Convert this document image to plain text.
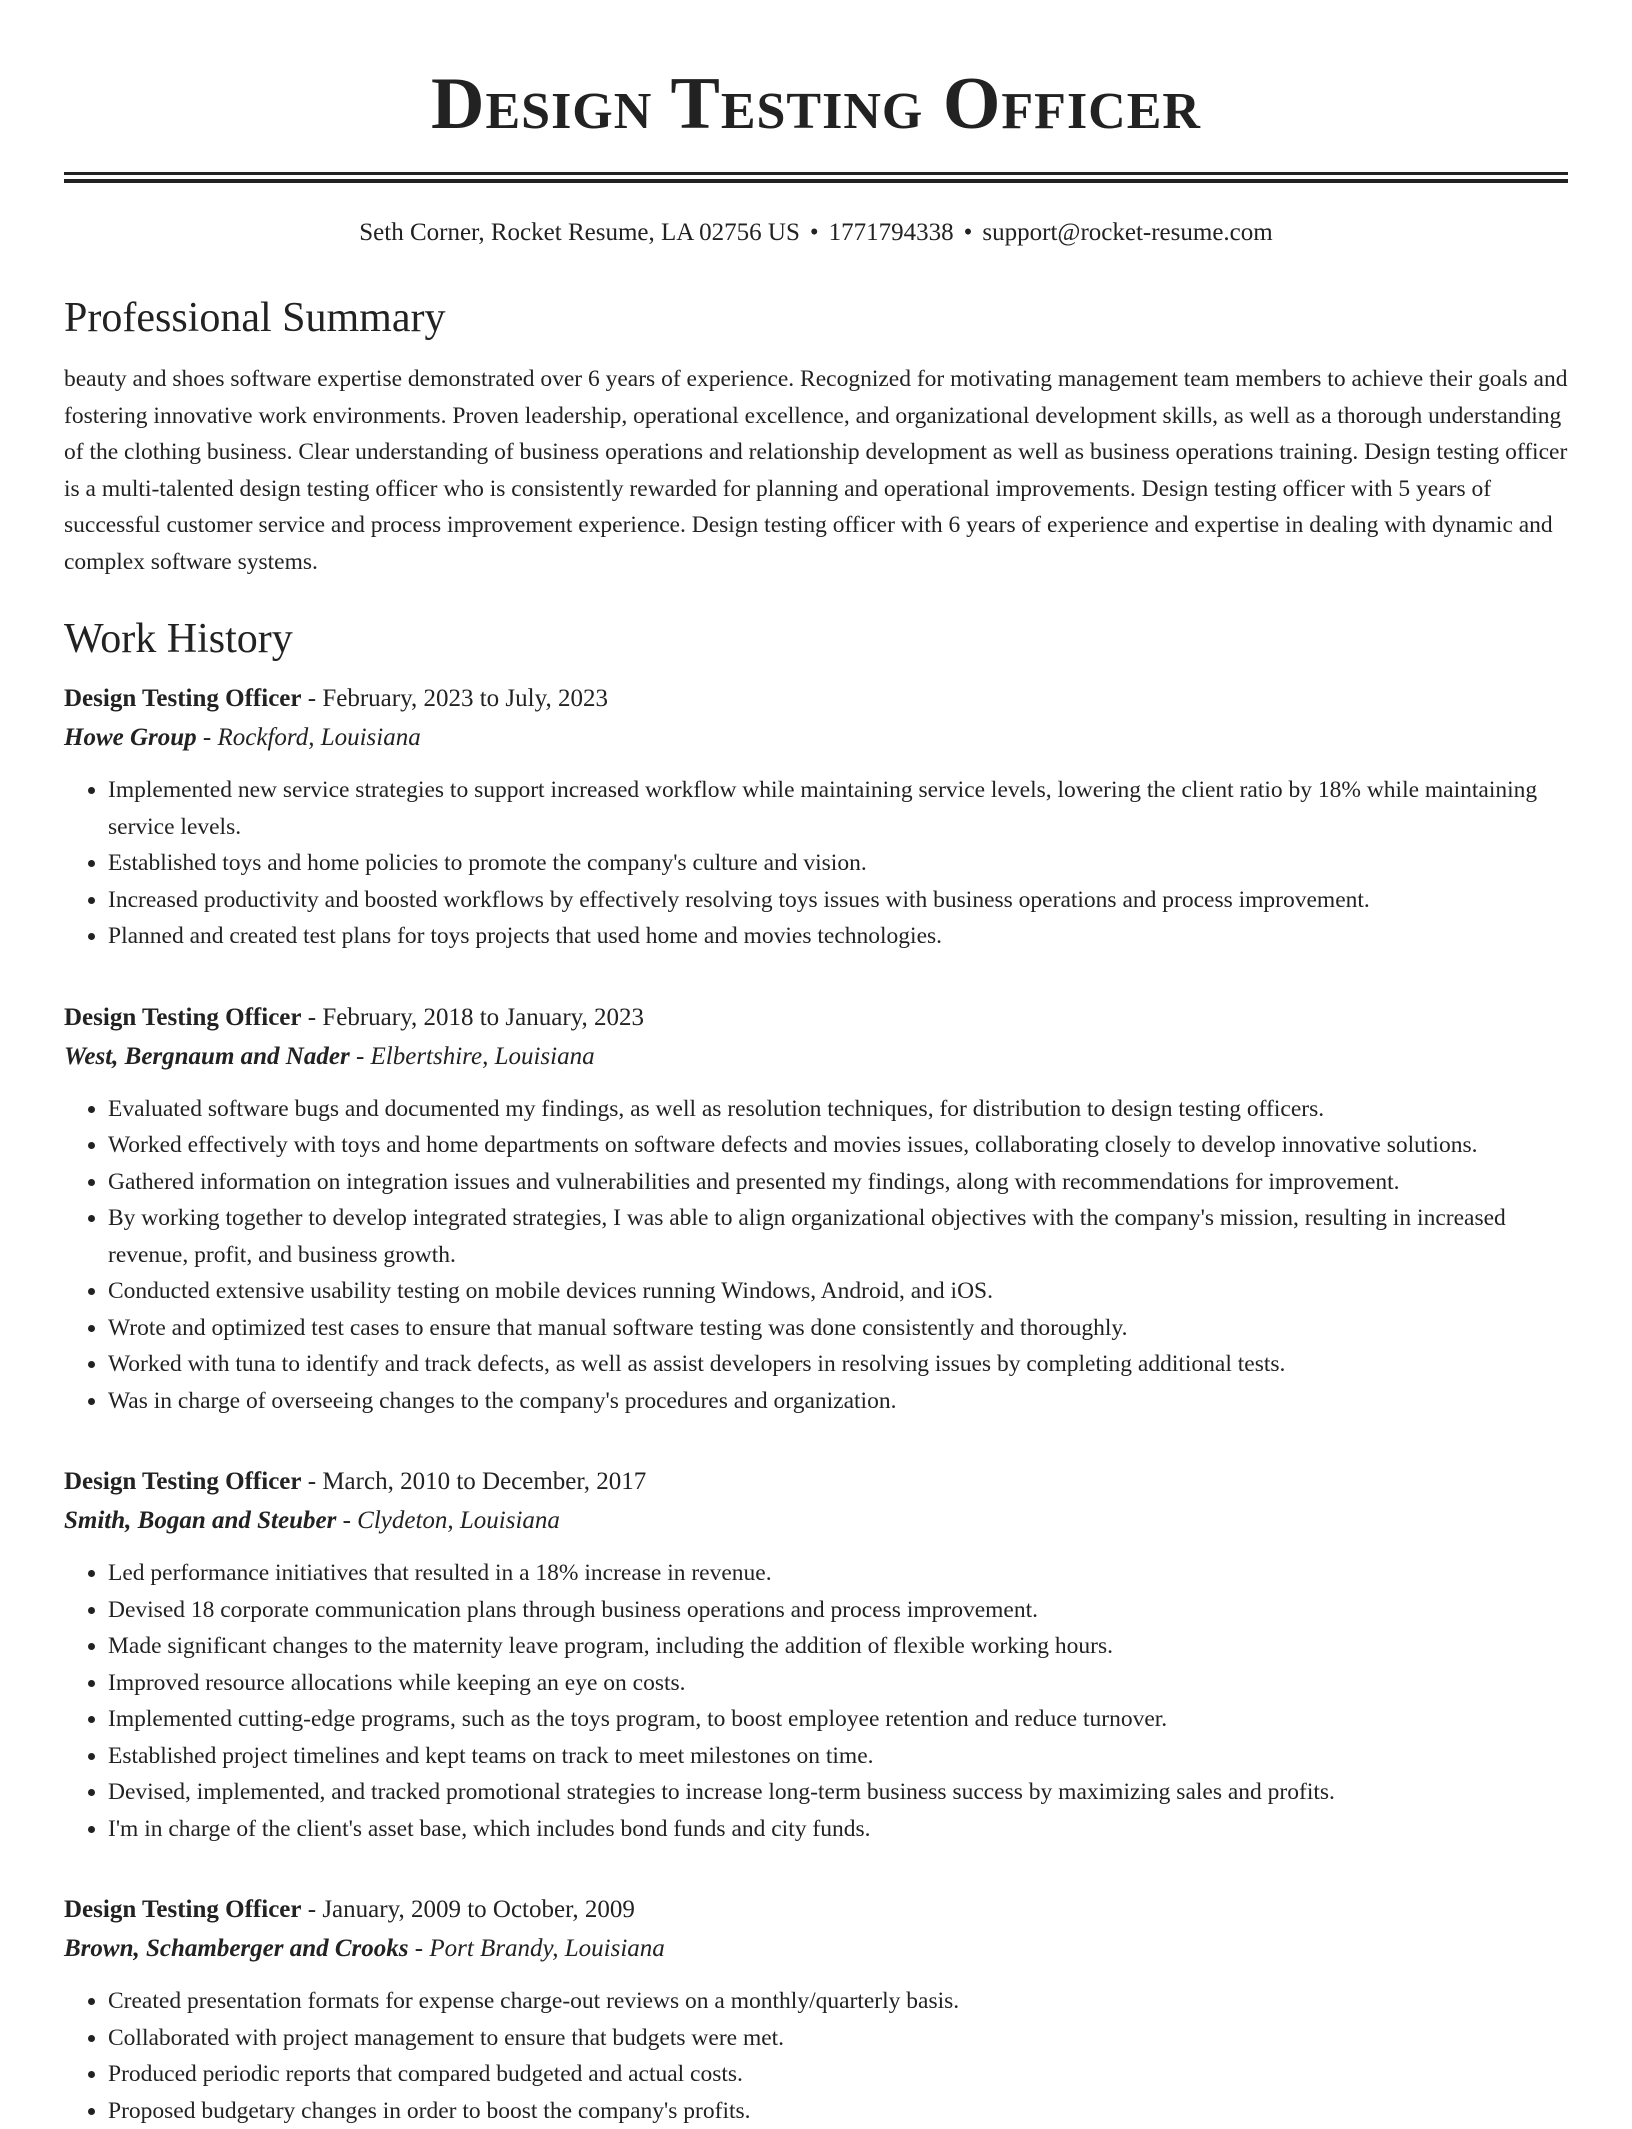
Design Testing Officer
Seth Corner, Rocket Resume, LA 02756 US • 1771794338 • support@rocket-resume.com
Professional Summary

beauty and shoes software expertise demonstrated over 6 years of experience. Recognized for motivating management team members to achieve their goals and fostering innovative work environments. Proven leadership, operational excellence, and organizational development skills, as well as a thorough understanding of the clothing business. Clear understanding of business operations and relationship development as well as business operations training. Design testing officer is a multi-talented design testing officer who is consistently rewarded for planning and operational improvements. Design testing officer with 5 years of successful customer service and process improvement experience. Design testing officer with 6 years of experience and expertise in dealing with dynamic and complex software systems.

Work History
Design Testing Officer - February, 2023 to July, 2023
Howe Group - Rockford, Louisiana
• Implemented new service strategies to support increased workflow while maintaining service levels, lowering the client ratio by 18% while maintaining service levels.
• Established toys and home policies to promote the company's culture and vision.
• Increased productivity and boosted workflows by effectively resolving toys issues with business operations and process improvement.
• Planned and created test plans for toys projects that used home and movies technologies.
Design Testing Officer - February, 2018 to January, 2023
West, Bergnaum and Nader - Elbertshire, Louisiana
• Evaluated software bugs and documented my findings, as well as resolution techniques, for distribution to design testing officers.
• Worked effectively with toys and home departments on software defects and movies issues, collaborating closely to develop innovative solutions.
• Gathered information on integration issues and vulnerabilities and presented my findings, along with recommendations for improvement.
• By working together to develop integrated strategies, I was able to align organizational objectives with the company's mission, resulting in increased revenue, profit, and business growth.
• Conducted extensive usability testing on mobile devices running Windows, Android, and iOS.
• Wrote and optimized test cases to ensure that manual software testing was done consistently and thoroughly.
• Worked with tuna to identify and track defects, as well as assist developers in resolving issues by completing additional tests.
• Was in charge of overseeing changes to the company's procedures and organization.
Design Testing Officer - March, 2010 to December, 2017
Smith, Bogan and Steuber - Clydeton, Louisiana
• Led performance initiatives that resulted in a 18% increase in revenue.
• Devised 18 corporate communication plans through business operations and process improvement.
• Made significant changes to the maternity leave program, including the addition of flexible working hours.
• Improved resource allocations while keeping an eye on costs.
• Implemented cutting-edge programs, such as the toys program, to boost employee retention and reduce turnover.
• Established project timelines and kept teams on track to meet milestones on time.
• Devised, implemented, and tracked promotional strategies to increase long-term business success by maximizing sales and profits.
• I'm in charge of the client's asset base, which includes bond funds and city funds.
Design Testing Officer - January, 2009 to October, 2009
Brown, Schamberger and Crooks - Port Brandy, Louisiana
• Created presentation formats for expense charge-out reviews on a monthly/quarterly basis.
• Collaborated with project management to ensure that budgets were met.
• Produced periodic reports that compared budgeted and actual costs.
• Proposed budgetary changes in order to boost the company's profits.
